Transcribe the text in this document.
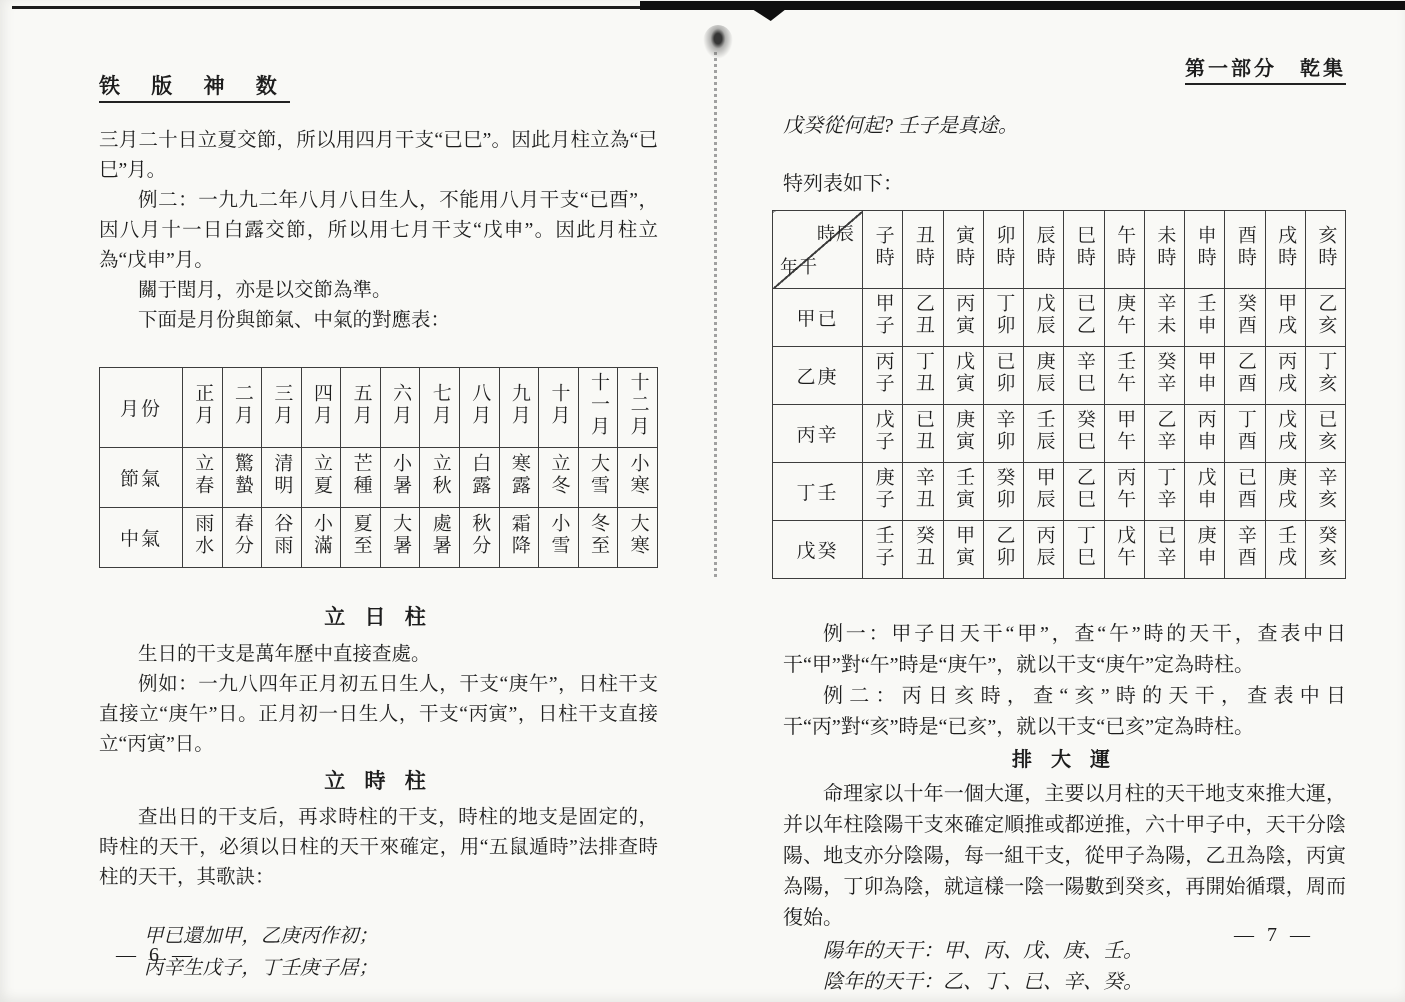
铁 版 神 数

三月二十日立夏交節，所以用四月干支“已巳”。因此月柱立為“已巳”月。

例二：一九九二年八月八日生人，不能用八月干支“已酉”，因八月十一日白露交節，所以用七月干支“戊申”。因此月柱立為“戊申”月。

關于閏月，亦是以交節為準。

下面是月份與節氣、中氣的對應表：

月份	正月	二月	三月	四月	五月	六月	七月	八月	九月	十月	十一月	十二月
節氣	立春	驚蟄	清明	立夏	芒種	小暑	立秋	白露	寒露	立冬	大雪	小寒
中氣	雨水	春分	谷雨	小滿	夏至	大暑	處暑	秋分	霜降	小雪	冬至	大寒

立 日 柱

生日的干支是萬年歷中直接查處。

例如：一九八四年正月初五日生人，干支“庚午”，日柱干支直接立“庚午”日。正月初一日生人，干支“丙寅”，日柱干支直接立“丙寅”日。

立 時 柱

查出日的干支后，再求時柱的干支，時柱的地支是固定的，時柱的天干，必須以日柱的天干來確定，用“五鼠遁時”法排查時柱的天干，其歌訣：

甲已還加甲，乙庚丙作初；

丙辛生戊子，丁壬庚子居；

— 6 —
第一部分　乾集

戊癸從何起? 壬子是真途。

特列表如下：

時辰
年干	子時	丑時	寅時	卯時	辰時	巳時	午時	未時	申時	酉時	戌時	亥時
甲已	甲子	乙丑	丙寅	丁卯	戊辰	已乙	庚午	辛未	壬申	癸酉	甲戌	乙亥
乙庚	丙子	丁丑	戊寅	已卯	庚辰	辛巳	壬午	癸辛	甲申	乙酉	丙戌	丁亥
丙辛	戊子	已丑	庚寅	辛卯	壬辰	癸巳	甲午	乙辛	丙申	丁酉	戊戌	已亥
丁壬	庚子	辛丑	壬寅	癸卯	甲辰	乙巳	丙午	丁辛	戊申	已酉	庚戌	辛亥
戊癸	壬子	癸丑	甲寅	乙卯	丙辰	丁巳	戊午	已辛	庚申	辛酉	壬戌	癸亥

例一：甲子日天干“甲”，查“午”時的天干，查表中日干“甲”對“午”時是“庚午”，就以干支“庚午”定為時柱。

例二：丙日亥時，查“亥”時的天干，查表中日干“丙”對“亥”時是“已亥”，就以干支“已亥”定為時柱。

排 大 運

命理家以十年一個大運，主要以月柱的天干地支來推大運，并以年柱陰陽干支來確定順推或都逆推，六十甲子中，天干分陰陽、地支亦分陰陽，每一組干支，從甲子為陽，乙丑為陰，丙寅為陽，丁卯為陰，就這樣一陰一陽數到癸亥，再開始循環，周而復始。

陽年的天干：甲、丙、戊、庚、壬。

陰年的天干：乙、丁、已、辛、癸。

— 7 —
